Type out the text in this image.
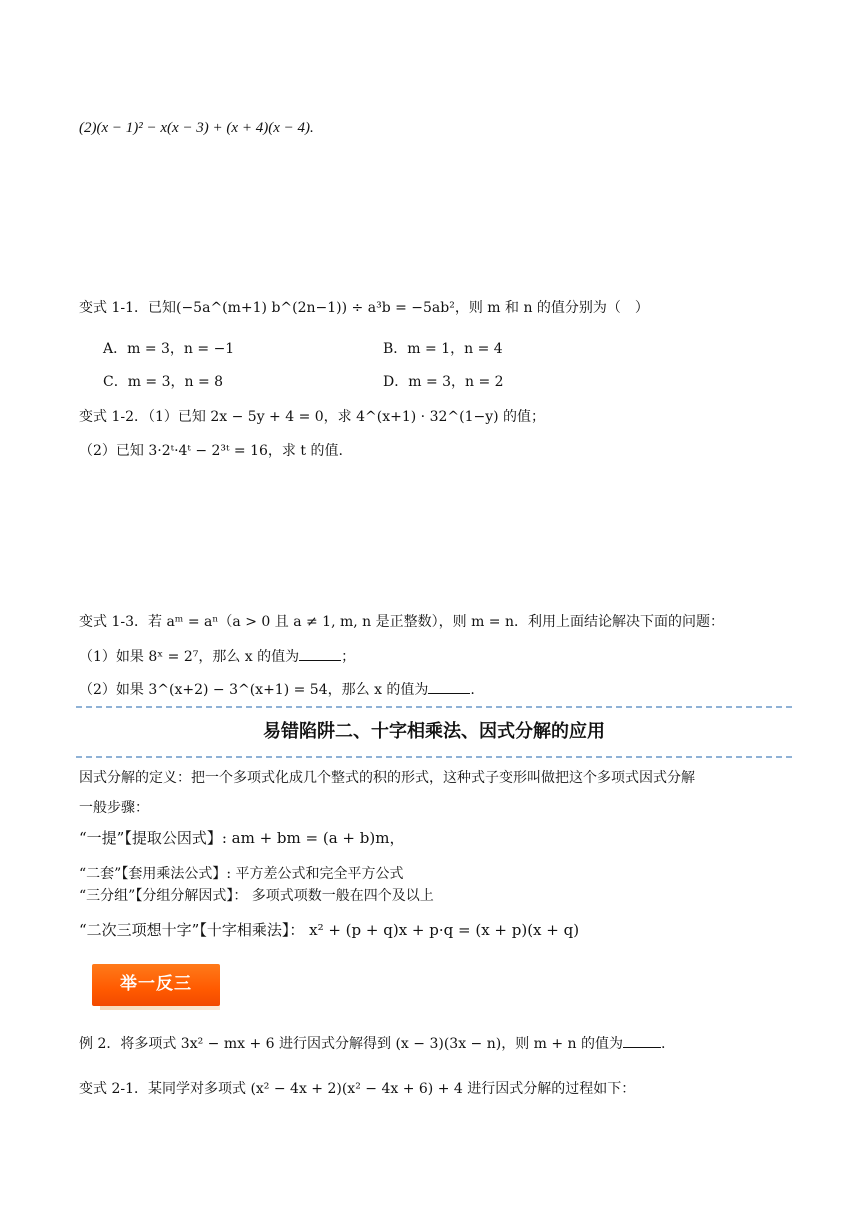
(2)(x − 1)² − x(x − 3) + (x + 4)(x − 4).
变式 1-1．已知(−5a^(m+1) b^(2n−1)) ÷ a³b = −5ab²，则 m 和 n 的值分别为（　）
A．m = 3，n = −1	B．m = 1，n = 4
C．m = 3，n = 8	D．m = 3，n = 2
变式 1-2．（1）已知 2x − 5y + 4 = 0，求 4^(x+1) · 32^(1−y) 的值；
（2）已知 3·2ᵗ·4ᵗ − 2³ᵗ = 16，求 t 的值.
变式 1-3．若 aᵐ = aⁿ（a > 0 且 a ≠ 1, m, n 是正整数），则 m = n．利用上面结论解决下面的问题：
（1）如果 8ˣ = 2⁷，那么 x 的值为	；
（2）如果 3^(x+2) − 3^(x+1) = 54，那么 x 的值为	.
易错陷阱二、十字相乘法、因式分解的应用
因式分解的定义：把一个多项式化成几个整式的积的形式，这种式子变形叫做把这个多项式因式分解
一般步骤：
“一提”【提取公因式】: am + bm = (a + b)m，
“二套”【套用乘法公式】: 平方差公式和完全平方公式
“三分组”【分组分解因式】： 多项式项数一般在四个及以上
“二次三项想十字”【十字相乘法】： x² + (p + q)x + p·q = (x + p)(x + q)
举一反三
例 2．将多项式 3x² − mx + 6 进行因式分解得到 (x − 3)(3x − n)，则 m + n 的值为	.
变式 2-1．某同学对多项式 (x² − 4x + 2)(x² − 4x + 6) + 4 进行因式分解的过程如下：
